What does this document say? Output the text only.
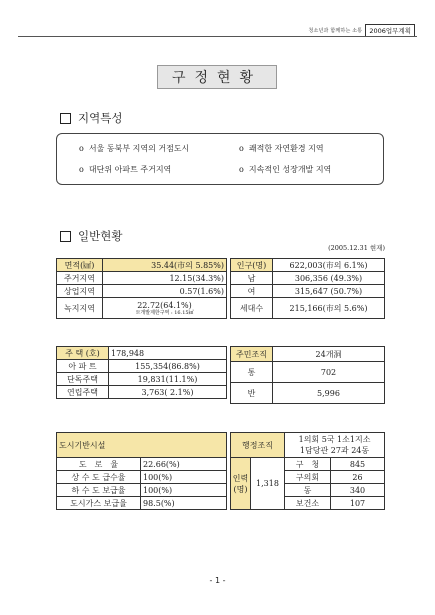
청소년과 함께하는 소통	2006업무계획
구정현황
지역특성
o 서울 동북부 지역의 거점도시	o 쾌적한 자연환경 지역
o 대단위 아파트 주거지역	o 지속적인 성장개발 지역
일반현황
(2005.12.31 현재)
면적(㎢)	35.44(市의 5.85%)
주거지역	12.15(34.3%)
상업지역	0.57(1.6%)
녹지지역	22.72(64.1%)
※개발제한구역 : 16.15㎢
인구(명)	622,003(市의 6.1%)
남	306,356 (49.3%)
여	315,647 (50.7%)
세대수	215,166(市의 5.6%)
주 택 (호)	178,948
아 파 트	155,354(86.8%)
단독주택	19,831(11.1%)
연립주택	3,763( 2.1%)
주민조직	24개洞
통	702
반	5,996
도시기반시설	
도　로　율	22.66(%)
상 수 도 급수율	100(%)
하 수 도 보급율	100(%)
도시가스 보급율	98.5(%)
행정조직		1의회 5국 1소1지소
1담당관 27과 24동	

인력(명)	1,318	구　청	845
		구의회	26
		동	340
		보건소	107
- 1 -
